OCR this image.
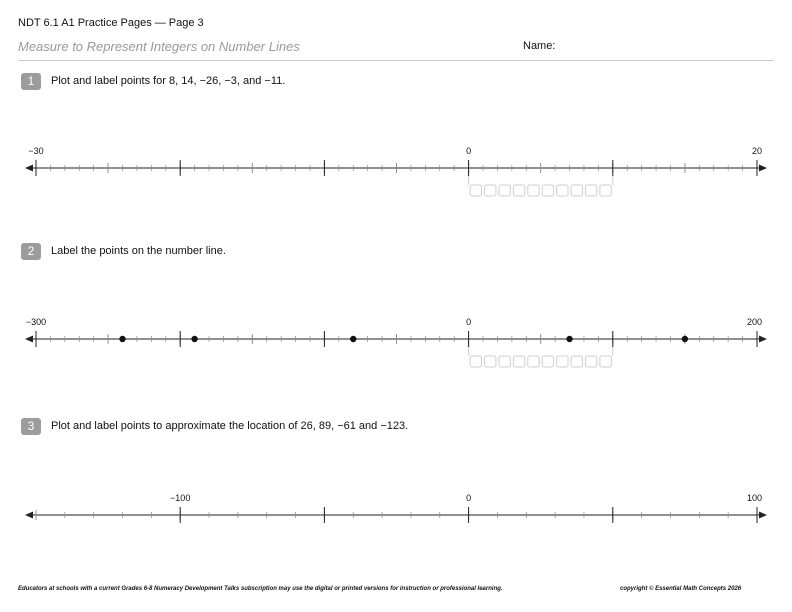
NDT 6.1 A1 Practice Pages — Page 3
Measure to Represent Integers on Number Lines	Name:
1	Plot and label points for 8, 14, −26, −3, and −11.
−30	0	20
2	Label the points on the number line.
−300	0	200
3	Plot and label points to approximate the location of 26, 89, −61 and −123.
−100	0	100
Educators at schools with a current Grades 6-8 Numeracy Development Talks subscription may use the digital or printed versions for instruction or professional learning.	copyright © Essential Math Concepts 2026
